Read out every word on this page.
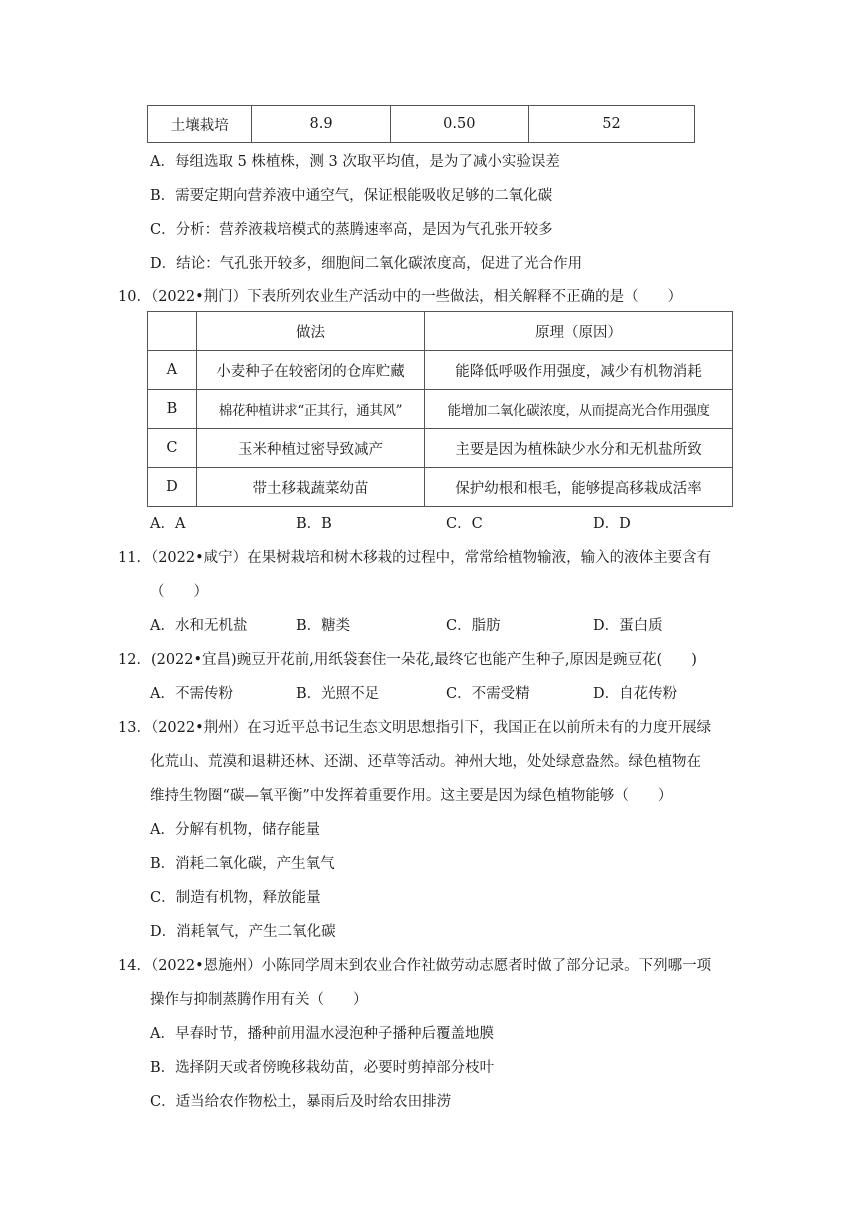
土壤栽培	8.9	0.50	52
A．每组选取 5 株植株，测 3 次取平均值，是为了减小实验误差
B．需要定期向营养液中通空气，保证根能吸收足够的二氧化碳
C．分析：营养液栽培模式的蒸腾速率高，是因为气孔张开较多
D．结论：气孔张开较多，细胞间二氧化碳浓度高，促进了光合作用
10．（2022•荆门）下表所列农业生产活动中的一些做法，相关解释不正确的是（　　）
	做法	原理（原因）
A	小麦种子在较密闭的仓库贮藏	能降低呼吸作用强度，减少有机物消耗
B	棉花种植讲求“正其行，通其风”	能增加二氧化碳浓度，从而提高光合作用强度
C	玉米种植过密导致减产	主要是因为植株缺少水分和无机盐所致
D	带土移栽蔬菜幼苗	保护幼根和根毛，能够提高移栽成活率
A．A	B．B	C．C	D．D
11．（2022•咸宁）在果树栽培和树木移栽的过程中，常常给植物输液，输入的液体主要含有
（　　）
A．水和无机盐	B．糖类	C．脂肪	D．蛋白质
12．(2022•宜昌)豌豆开花前,用纸袋套住一朵花,最终它也能产生种子,原因是豌豆花(　　)
A．不需传粉	B．光照不足	C．不需受精	D．自花传粉
13．（2022•荆州）在习近平总书记生态文明思想指引下，我国正在以前所未有的力度开展绿
化荒山、荒漠和退耕还林、还湖、还草等活动。神州大地，处处绿意盎然。绿色植物在
维持生物圈“碳—氧平衡”中发挥着重要作用。这主要是因为绿色植物能够（　　）
A．分解有机物，储存能量
B．消耗二氧化碳，产生氧气
C．制造有机物，释放能量
D．消耗氧气，产生二氧化碳
14．（2022•恩施州）小陈同学周末到农业合作社做劳动志愿者时做了部分记录。下列哪一项
操作与抑制蒸腾作用有关（　　）
A．早春时节，播种前用温水浸泡种子播种后覆盖地膜
B．选择阴天或者傍晚移栽幼苗，必要时剪掉部分枝叶
C．适当给农作物松土，暴雨后及时给农田排涝
